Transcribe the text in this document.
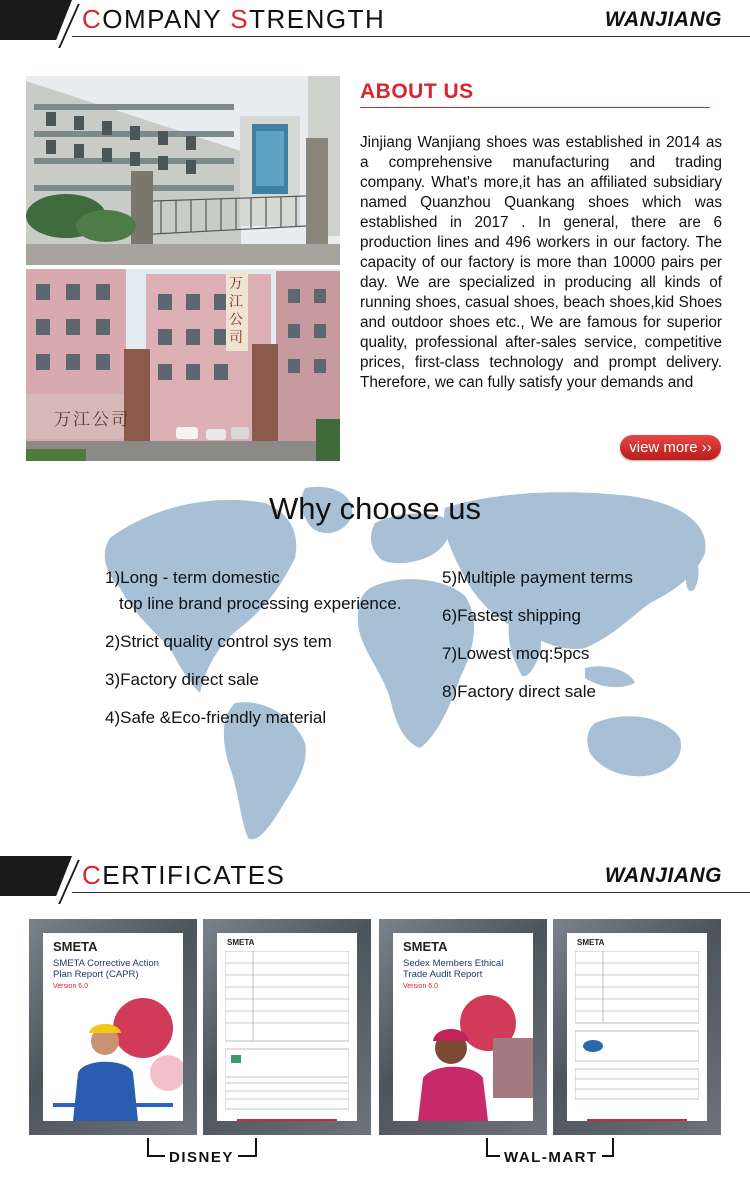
COMPANY STRENGTH	WANJIANG
万江公司
万江公司
ABOUT US
Jinjiang Wanjiang shoes was established in 2014 as a comprehensive manufacturing and trading company. What's more,it has an affiliated subsidiary named Quanzhou Quankang shoes which was established in 2017 . In general, there are 6 production lines and 496 workers in our factory. The capacity of our factory is more than 10000 pairs per day. We are specialized in producing all kinds of running shoes, casual shoes, beach shoes,kid Shoes and outdoor shoes etc., We are famous for superior quality, professional after-sales service, competitive prices, first-class technology and prompt delivery. Therefore, we can fully satisfy your demands and
view more ››
Why choose us
1)Long - term domestic
top line brand processing experience.
2)Strict quality control sys tem
3)Factory direct sale
4)Safe &Eco-friendly material
5)Multiple payment terms
6)Fastest shipping
7)Lowest moq:5pcs
8)Factory direct sale
CERTIFICATES	WANJIANG
SMETA
SMETA Corrective Action Plan Report (CAPR)
Version 6.0
SMETA	SMETA
Sedex Members Ethical Trade Audit Report
Version 6.0
SMETA
DISNEY	WAL-MART
